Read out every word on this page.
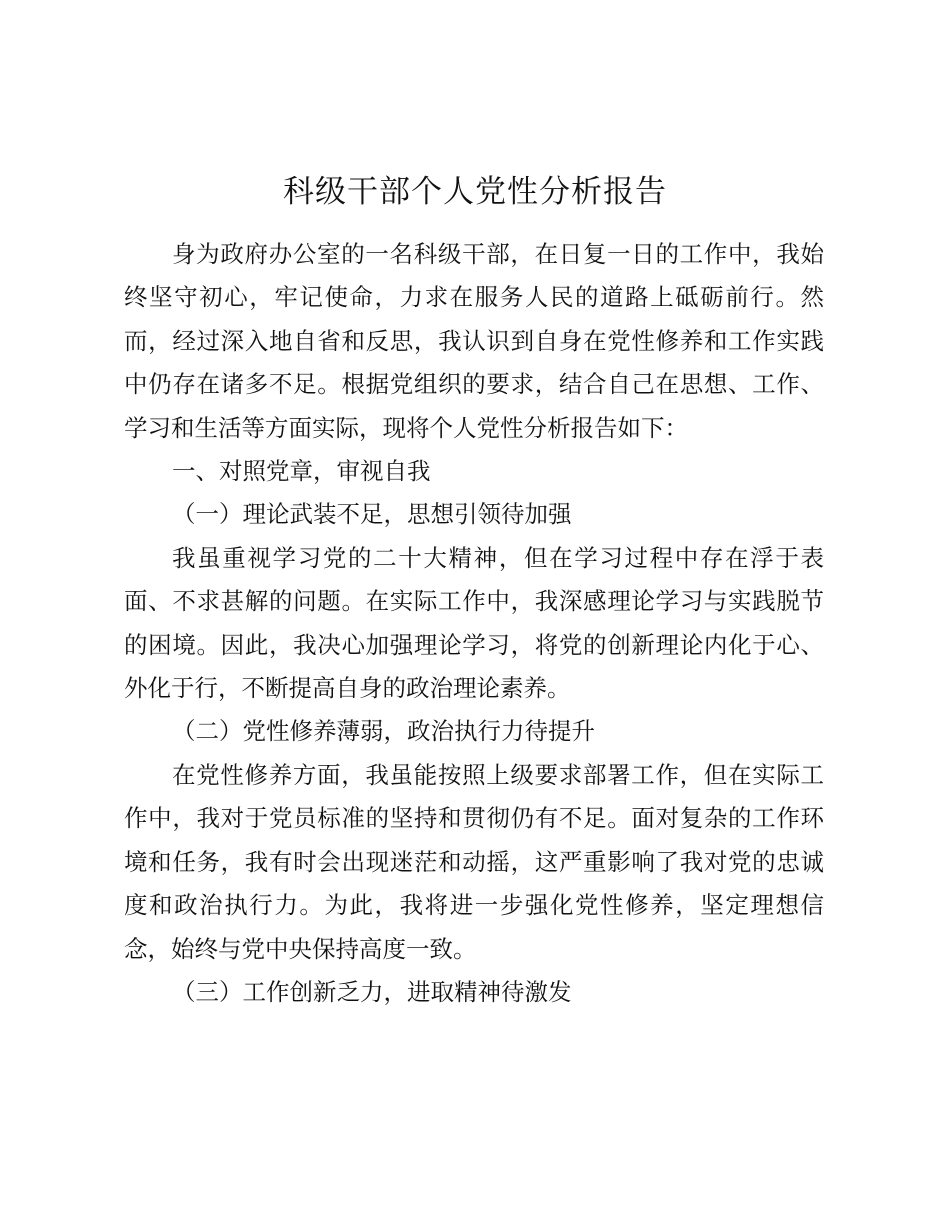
科级干部个人党性分析报告

身为政府办公室的一名科级干部，在日复一日的工作中，我始终坚守初心，牢记使命，力求在服务人民的道路上砥砺前行。然而，经过深入地自省和反思，我认识到自身在党性修养和工作实践中仍存在诸多不足。根据党组织的要求，结合自己在思想、工作、学习和生活等方面实际，现将个人党性分析报告如下：

一、对照党章，审视自我

（一）理论武装不足，思想引领待加强

我虽重视学习党的二十大精神，但在学习过程中存在浮于表面、不求甚解的问题。在实际工作中，我深感理论学习与实践脱节的困境。因此，我决心加强理论学习，将党的创新理论内化于心、外化于行，不断提高自身的政治理论素养。

（二）党性修养薄弱，政治执行力待提升

在党性修养方面，我虽能按照上级要求部署工作，但在实际工作中，我对于党员标准的坚持和贯彻仍有不足。面对复杂的工作环境和任务，我有时会出现迷茫和动摇，这严重影响了我对党的忠诚度和政治执行力。为此，我将进一步强化党性修养，坚定理想信念，始终与党中央保持高度一致。

（三）工作创新乏力，进取精神待激发
